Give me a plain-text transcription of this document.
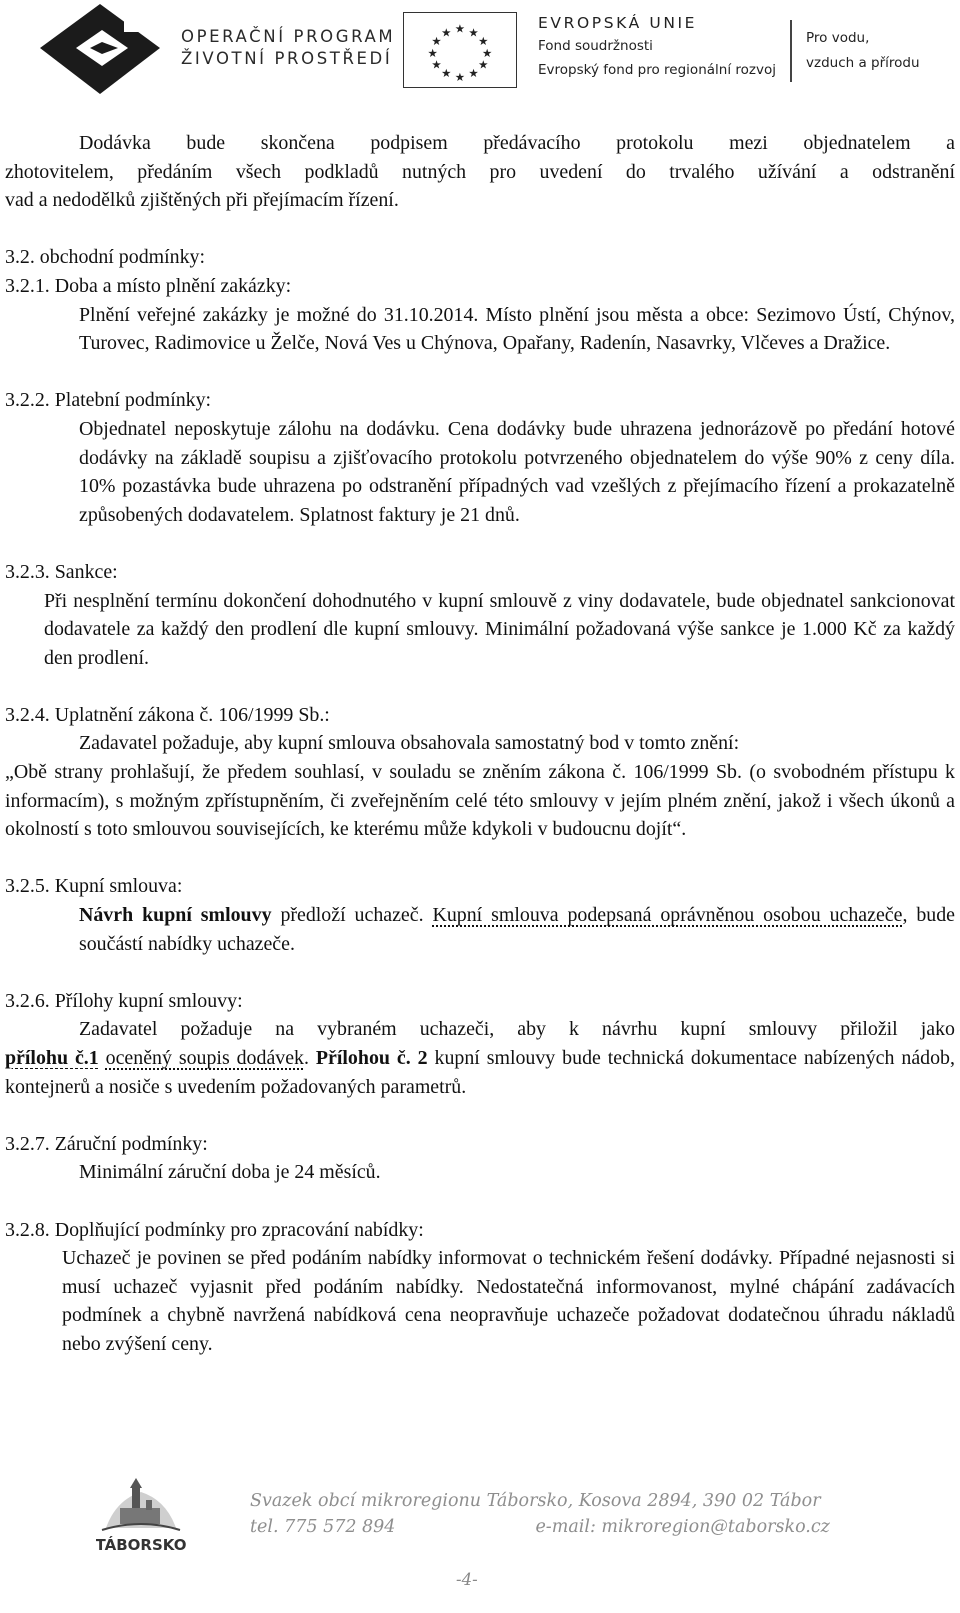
OPERAČNÍ PROGRAM
ŽIVOTNÍ PROSTŘEDÍ
★ ★
★
★
★
★
★
★
★
★
★
★
EVROPSKÁ UNIE
Fond soudržnosti
Evropský fond pro regionální rozvoj
Pro vodu,
vzduch a přírodu

Dodávka bude skončena podpisem předávacího protokolu mezi objednatelem a

zhotovitelem, předáním všech podkladů nutných pro uvedení do trvalého užívání a odstranění

vad a nedodělků zjištěných při přejímacím řízení.

3.2. obchodní podmínky:

3.2.1. Doba a místo plnění zakázky:

Plnění veřejné zakázky je možné do 31.10.2014. Místo plnění jsou města a obce: Sezimovo Ústí, Chýnov, Turovec, Radimovice u Želče, Nová Ves u Chýnova, Opařany, Radenín, Nasavrky, Vlčeves a Dražice.

3.2.2. Platební podmínky:

Objednatel neposkytuje zálohu na dodávku. Cena dodávky bude uhrazena jednorázově po předání hotové dodávky na základě soupisu a zjišťovacího protokolu potvrzeného objednatelem do výše 90% z ceny díla. 10% pozastávka bude uhrazena po odstranění případných vad vzešlých z přejímacího řízení a prokazatelně způsobených dodavatelem. Splatnost faktury je 21 dnů.

3.2.3. Sankce:

Při nesplnění termínu dokončení dohodnutého v kupní smlouvě z viny dodavatele, bude objednatel sankcionovat dodavatele za každý den prodlení dle kupní smlouvy. Minimální požadovaná výše sankce je 1.000 Kč za každý den prodlení.

3.2.4. Uplatnění zákona č. 106/1999 Sb.:

Zadavatel požaduje, aby kupní smlouva obsahovala samostatný bod v tomto znění:

„Obě strany prohlašují, že předem souhlasí, v souladu se zněním zákona č. 106/1999 Sb. (o svobodném přístupu k informacím), s možným zpřístupněním, či zveřejněním celé této smlouvy v jejím plném znění, jakož i všech úkonů a okolností s toto smlouvou souvisejících, ke kterému může kdykoli v budoucnu dojít“.

3.2.5. Kupní smlouva:

Návrh kupní smlouvy předloží uchazeč. Kupní smlouva podepsaná oprávněnou osobou uchazeče, bude součástí nabídky uchazeče.

3.2.6. Přílohy kupní smlouvy:

Zadavatel požaduje na vybraném uchazeči, aby k návrhu kupní smlouvy přiložil jako

přílohu č.1 oceněný soupis dodávek. Přílohou č. 2 kupní smlouvy bude technická dokumentace nabízených nádob, kontejnerů a nosiče s uvedením požadovaných parametrů.

3.2.7. Záruční podmínky:

Minimální záruční doba je 24 měsíců.

3.2.8. Doplňující podmínky pro zpracování nabídky:

Uchazeč je povinen se před podáním nabídky informovat o technickém řešení dodávky. Případné nejasnosti si musí uchazeč vyjasnit před podáním nabídky. Nedostatečná informovanost, mylné chápání zadávacích podmínek a chybně navržená nabídková cena neopravňuje uchazeče požadovat dodatečnou úhradu nákladů nebo zvýšení ceny.

TÁBORSKO
Svazek obcí mikroregionu Táborsko, Kosova 2894, 390 02 Tábor
tel. 775 572 894	e-mail: mikroregion@taborsko.cz
-4-
